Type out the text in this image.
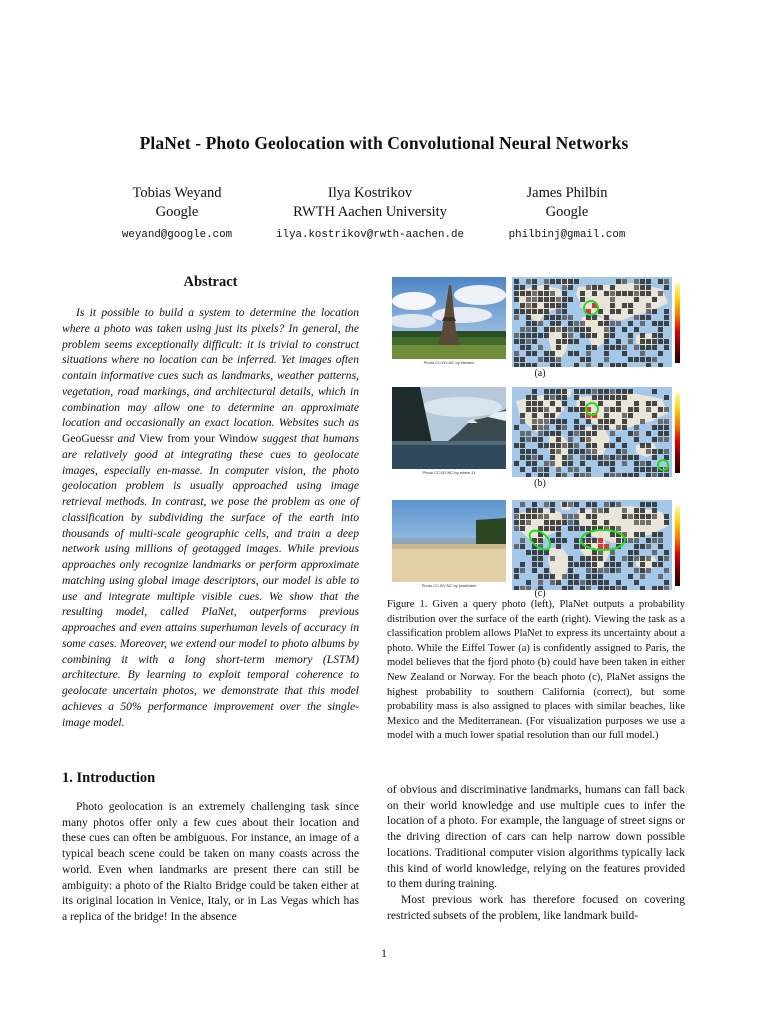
PlaNet - Photo Geolocation with Convolutional Neural Networks
Tobias Weyand
Google
weyand@google.com
Ilya Kostrikov
RWTH Aachen University
ilya.kostrikov@rwth-aachen.de
James Philbin
Google
philbinj@gmail.com
Abstract
Is it possible to build a system to determine the location where a photo was taken using just its pixels? In general, the problem seems exceptionally difficult: it is trivial to construct situations where no location can be inferred. Yet images often contain informative cues such as landmarks, weather patterns, vegetation, road markings, and architectural details, which in combination may allow one to determine an approximate location and occasionally an exact location. Websites such as GeoGuessr and View from your Window suggest that humans are relatively good at integrating these cues to geolocate images, especially en-masse. In computer vision, the photo geolocation problem is usually approached using image retrieval methods. In contrast, we pose the problem as one of classification by subdividing the surface of the earth into thousands of multi-scale geographic cells, and train a deep network using millions of geotagged images. While previous approaches only recognize landmarks or perform approximate matching using global image descriptors, our model is able to use and integrate multiple visible cues. We show that the resulting model, called PlaNet, outperforms previous approaches and even attains superhuman levels of accuracy in some cases. Moreover, we extend our model to photo albums by combining it with a long short-term memory (LSTM) architecture. By learning to exploit temporal coherence to geolocate uncertain photos, we demonstrate that this model achieves a 50% performance improvement over the single-image model.
1. Introduction
Photo geolocation is an extremely challenging task since many photos offer only a few cues about their location and these cues can often be ambiguous. For instance, an image of a typical beach scene could be taken on many coasts across the world. Even when landmarks are present there can still be ambiguity: a photo of the Rialto Bridge could be taken either at its original location in Venice, Italy, or in Las Vegas which has a replica of the bridge! In the absence

of obvious and discriminative landmarks, humans can fall back on their world knowledge and use multiple cues to infer the location of a photo. For example, the language of street signs or the driving direction of cars can help narrow down possible locations. Traditional computer vision algorithms typically lack this kind of world knowledge, relying on the features provided to them during training.

Most previous work has therefore focused on covering restricted subsets of the problem, like landmark build-

Photo CC-BY-NC by stevekc
(a)
Photo CC-BY-NC by edwin.11
(b)
Photo CC-BY-NC by jonathanh
(c)
Figure 1. Given a query photo (left), PlaNet outputs a probability distribution over the surface of the earth (right). Viewing the task as a classification problem allows PlaNet to express its uncertainty about a photo. While the Eiffel Tower (a) is confidently assigned to Paris, the model believes that the fjord photo (b) could have been taken in either New Zealand or Norway. For the beach photo (c), PlaNet assigns the highest probability to southern California (correct), but some probability mass is also assigned to places with similar beaches, like Mexico and the Mediterranean. (For visualization purposes we use a model with a much lower spatial resolution than our full model.)
1
